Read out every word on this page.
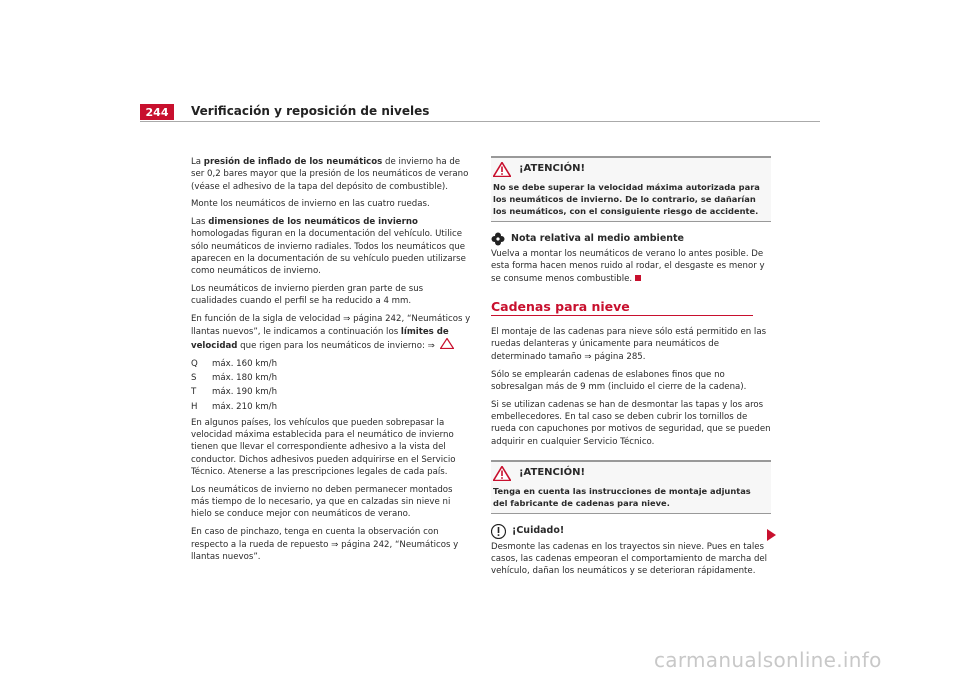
244	Verificación y reposición de niveles

La presión de inflado de los neumáticos de invierno ha de ser 0,2 bares mayor que la presión de los neumáticos de verano (véase el adhesivo de la tapa del depósito de combustible).

Monte los neumáticos de invierno en las cuatro ruedas.

Las dimensiones de los neumáticos de invierno homologadas figuran en la documentación del vehículo. Utilice sólo neumáticos de invierno radiales. Todos los neumáticos que aparecen en la documentación de su vehículo pueden utilizarse como neumáticos de invierno.

Los neumáticos de invierno pierden gran parte de sus cualidades cuando el perfil se ha reducido a 4 mm.

En función de la sigla de velocidad ⇒ página 242, “Neumáticos y llantas nuevos”, le indicamos a continuación los límites de velocidad que rigen para los neumáticos de invierno: ⇒

Q	máx. 160 km/h
S	máx. 180 km/h
T	máx. 190 km/h
H	máx. 210 km/h

En algunos países, los vehículos que pueden sobrepasar la velocidad máxima establecida para el neumático de invierno tienen que llevar el correspondiente adhesivo a la vista del conductor. Dichos adhesivos pueden adquirirse en el Servicio Técnico. Atenerse a las prescripciones legales de cada país.

Los neumáticos de invierno no deben permanecer montados más tiempo de lo necesario, ya que en calzadas sin nieve ni hielo se conduce mejor con neumáticos de verano.

En caso de pinchazo, tenga en cuenta la observación con respecto a la rueda de repuesto ⇒ página 242, “Neumáticos y llantas nuevos”.

¡ATENCIÓN!
No se debe superar la velocidad máxima autorizada para los neumáticos de invierno. De lo contrario, se dañarían los neumáticos, con el consiguiente riesgo de accidente.
Nota relativa al medio ambiente

Vuelva a montar los neumáticos de verano lo antes posible. De esta forma hacen menos ruido al rodar, el desgaste es menor y se consume menos combustible.

Cadenas para nieve

El montaje de las cadenas para nieve sólo está permitido en las ruedas delanteras y únicamente para neumáticos de determinado tamaño ⇒ página 285.

Sólo se emplearán cadenas de eslabones finos que no sobresalgan más de 9 mm (incluido el cierre de la cadena).

Si se utilizan cadenas se han de desmontar las tapas y los aros embellecedores. En tal caso se deben cubrir los tornillos de rueda con capuchones por motivos de seguridad, que se pueden adquirir en cualquier Servicio Técnico.

¡ATENCIÓN!
Tenga en cuenta las instrucciones de montaje adjuntas del fabricante de cadenas para nieve.
¡Cuidado!

Desmonte las cadenas en los trayectos sin nieve. Pues en tales casos, las cadenas empeoran el comportamiento de marcha del vehículo, dañan los neumáticos y se deterioran rápidamente.

carmanualsonline.info
